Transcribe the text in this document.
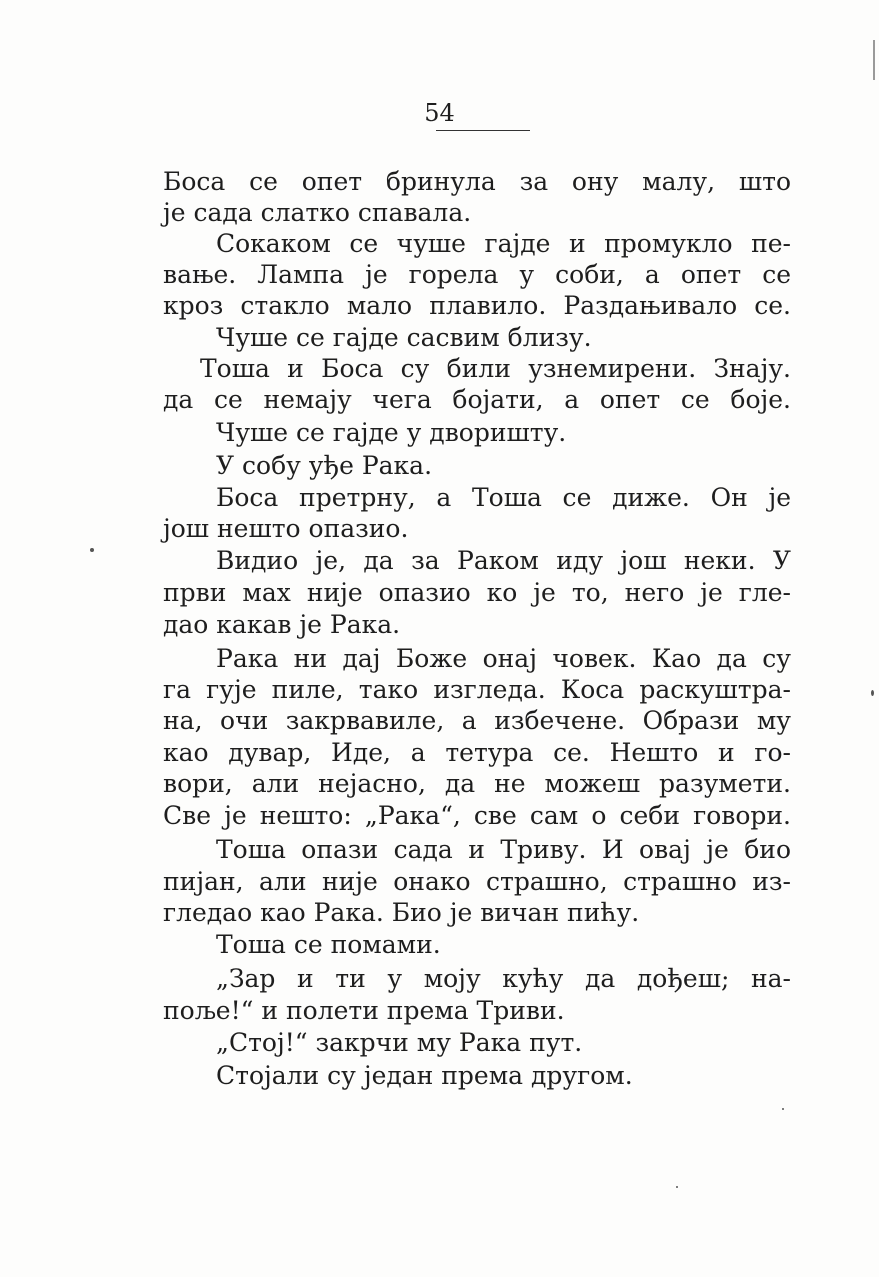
54
Боса се опет бринула за ону малу, што
је сада слатко спавала.
Сокаком се чуше гајде и промукло пе-
вање. Лампа је горела у соби, а опет се
кроз стакло мало плавило. Раздањивало се.
Чуше се гајде сасвим близу.
Тоша и Боса су били узнемирени. Знају.
да се немају чега бојати, а опет се боје.
Чуше се гајде у дворишту.
У собу уђе Рака.
Боса претрну, а Тоша се диже. Он је
још нешто опазио.
Видио је, да за Раком иду још неки. У
први мах није опазио ко је то, него је гле-
дао какав је Рака.
Рака ни дај Боже онај човек. Као да су
га гује пиле, тако изгледа. Коса раскуштра-
на, очи закрвавиле, а избечене. Образи му
као дувар, Иде, а тетура се. Нешто и го-
вори, али нејасно, да не можеш разумети.
Све је нешто: „Рака“, све сам о себи говори.
Тоша опази сада и Триву. И овај је био
пијан, али није онако страшно, страшно из-
гледао као Рака. Био је вичан пићу.
Тоша се помами.
„Зар и ти у моју кућу да дођеш; на-
поље!“ и полети према Триви.
„Стој!“ закрчи му Рака пут.
Стојали су један према другом.
